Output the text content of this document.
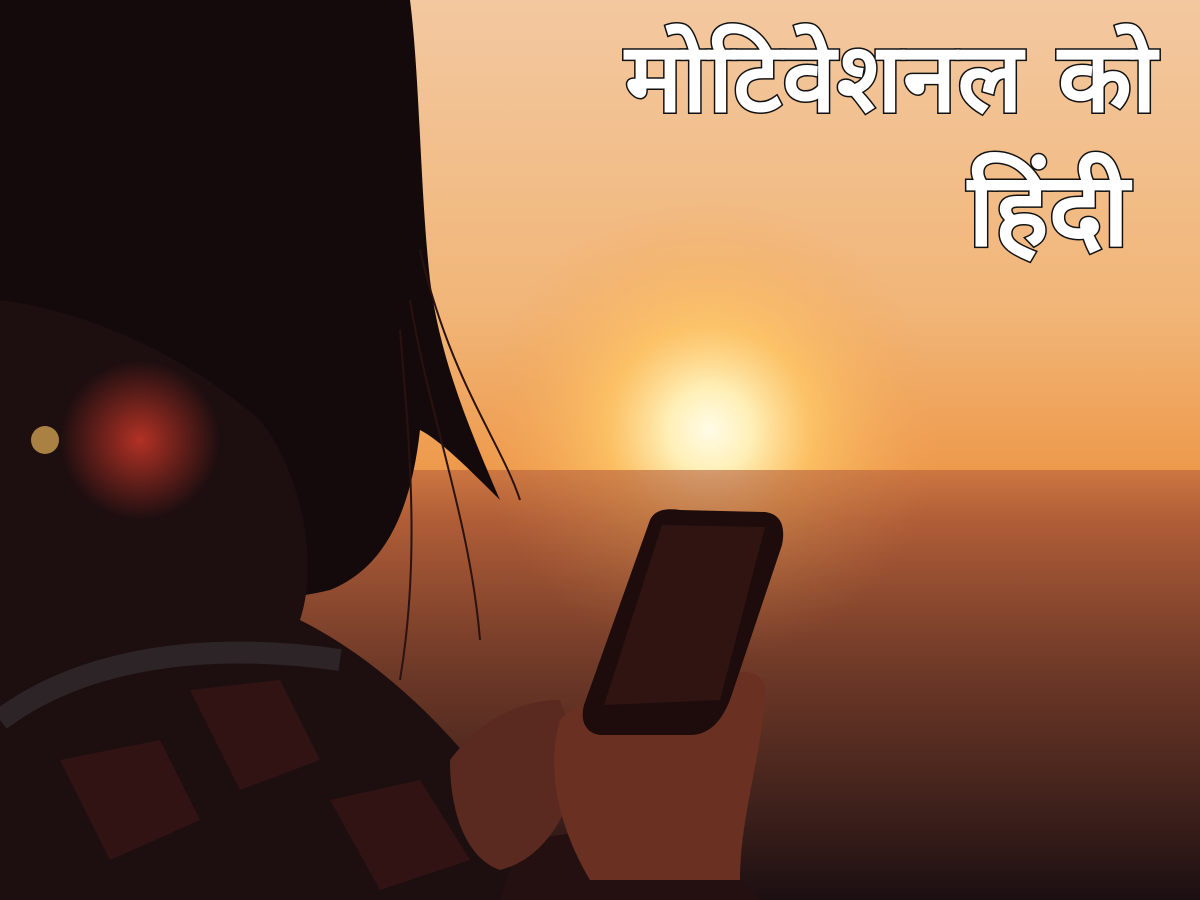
मोटिवेशनल को
हिंदी
